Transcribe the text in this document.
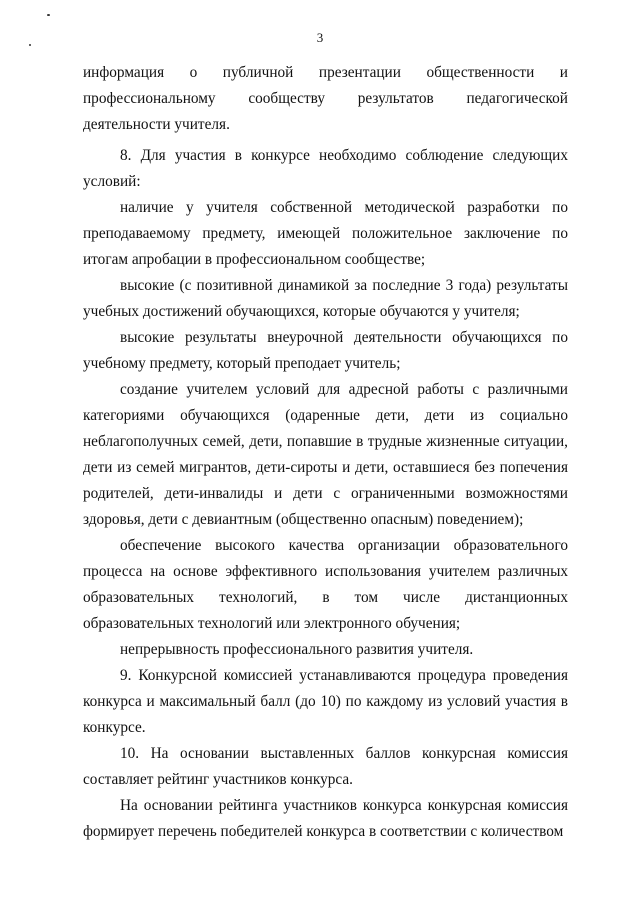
3

информация о публичной презентации общественности и профессиональному сообществу результатов педагогической деятельности учителя.

8. Для участия в конкурсе необходимо соблюдение следующих условий:

наличие у учителя собственной методической разработки по преподаваемому предмету, имеющей положительное заключение по итогам апробации в профессиональном сообществе;

высокие (с позитивной динамикой за последние 3 года) результаты учебных достижений обучающихся, которые обучаются у учителя;

высокие результаты внеурочной деятельности обучающихся по учебному предмету, который преподает учитель;

создание учителем условий для адресной работы с различными категориями обучающихся (одаренные дети, дети из социально неблагополучных семей, дети, попавшие в трудные жизненные ситуации, дети из семей мигрантов, дети-сироты и дети, оставшиеся без попечения родителей, дети-инвалиды и дети с ограниченными возможностями здоровья, дети с девиантным (общественно опасным) поведением);

обеспечение высокого качества организации образовательного процесса на основе эффективного использования учителем различных образовательных технологий, в том числе дистанционных образовательных технологий или электронного обучения;

непрерывность профессионального развития учителя.

9. Конкурсной комиссией устанавливаются процедура проведения конкурса и максимальный балл (до 10) по каждому из условий участия в конкурсе.

10. На основании выставленных баллов конкурсная комиссия составляет рейтинг участников конкурса.

На основании рейтинга участников конкурса конкурсная комиссия формирует перечень победителей конкурса в соответствии с количеством
